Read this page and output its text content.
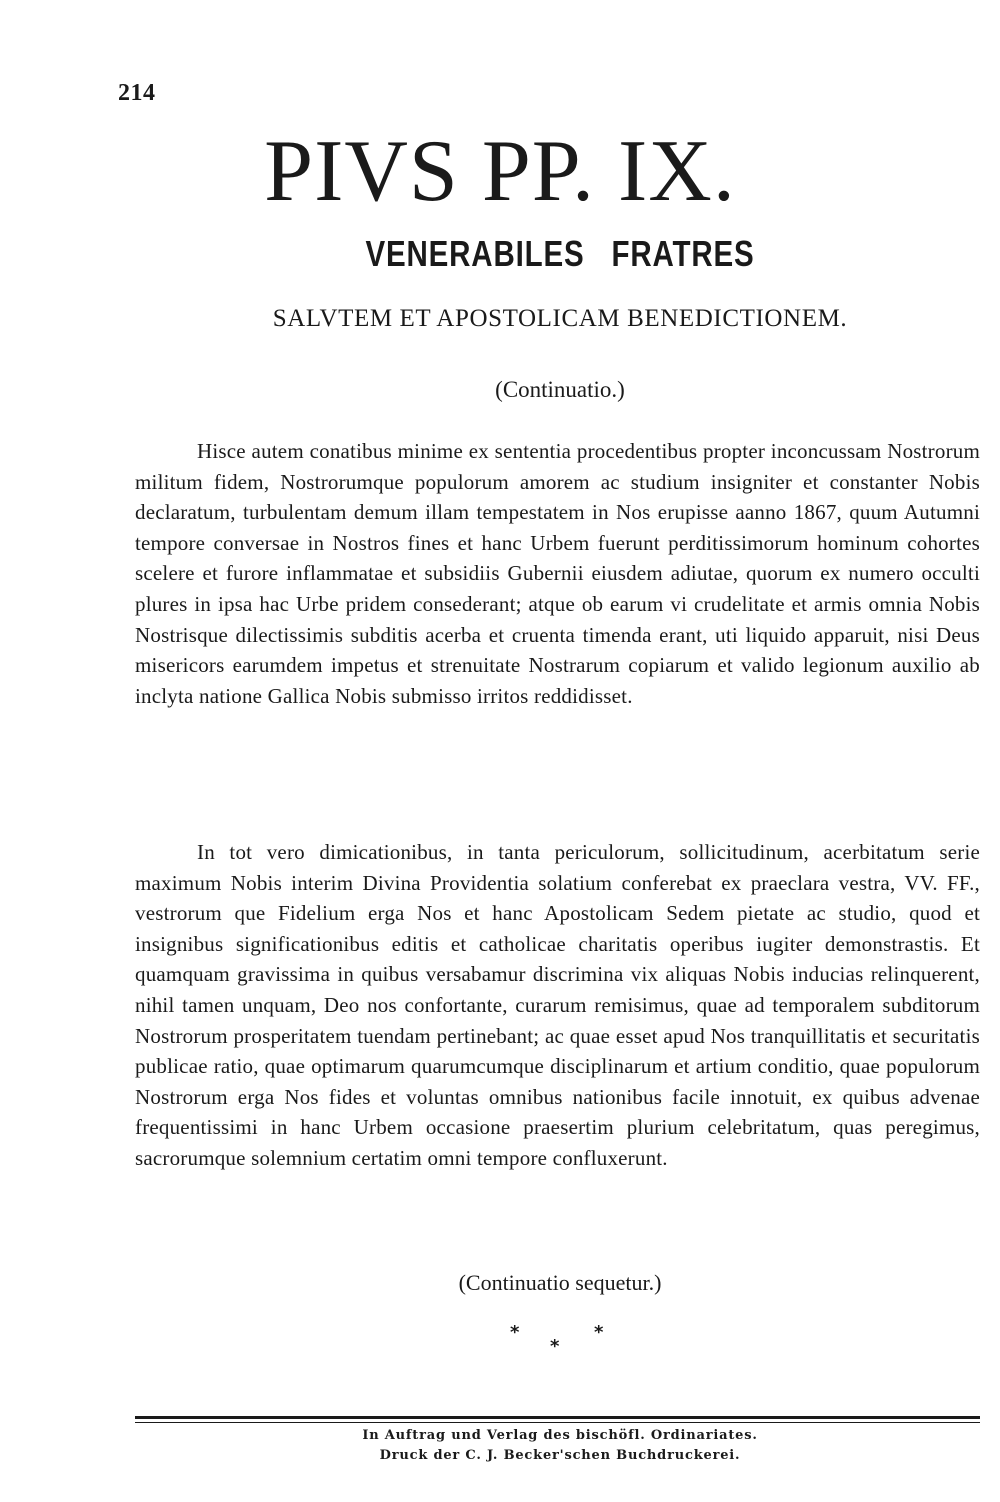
214
PIVS PP. IX.
VENERABILES   FRATRES
SALVTEM ET APOSTOLICAM BENEDICTIONEM.
(Continuatio.)

Hisce autem conatibus minime ex sententia procedentibus propter inconcussam Nostrorum militum fidem, Nostrorumque populorum amorem ac studium insigniter et constanter Nobis declaratum, turbulentam demum illam tempestatem in Nos erupisse aanno 1867, quum Autumni tempore conversae in Nostros fines et hanc Urbem fuerunt perditissimorum hominum cohortes scelere et furore inflammatae et subsidiis Gubernii eiusdem adiutae, quorum ex numero occulti plures in ipsa hac Urbe pridem consederant; atque ob earum vi crudelitate et armis omnia Nobis Nostrisque dilectissimis subditis acerba et cruenta timenda erant, uti liquido apparuit, nisi Deus misericors earumdem impetus et strenuitate Nostrarum copiarum et valido legionum auxilio ab inclyta natione Gallica Nobis submisso irritos reddidisset.

In tot vero dimicationibus, in tanta periculorum, sollicitudinum, acerbitatum serie maximum Nobis interim Divina Providentia solatium conferebat ex praeclara vestra, VV. FF., vestrorum que Fidelium erga Nos et hanc Apostolicam Sedem pietate ac studio, quod et insignibus significationibus editis et catholicae charitatis operibus iugiter demonstrastis. Et quamquam gravissima in quibus versabamur discrimina vix aliquas Nobis inducias relinquerent, nihil tamen unquam, Deo nos confortante, curarum remisimus, quae ad temporalem subditorum Nostrorum prosperitatem tuendam pertinebant; ac quae esset apud Nos tranquillitatis et securitatis publicae ratio, quae optimarum quarumcumque disciplinarum et artium conditio, quae populorum Nostrorum erga Nos fides et voluntas omnibus nationibus facile innotuit, ex quibus advenae frequentissimi in hanc Urbem occasione praesertim plurium celebritatum, quas peregimus, sacrorumque solemnium certatim omni tempore confluxerunt.

(Continuatio sequetur.)
*	*
*
In Auftrag und Verlag des bischöfl. Ordinariates.
Druck der C. J. Becker'schen Buchdruckerei.
